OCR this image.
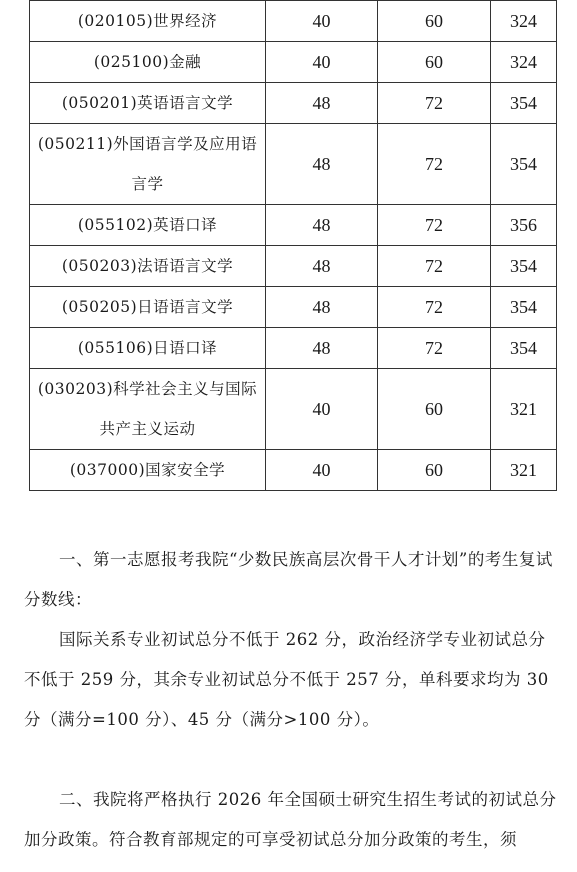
(020105)世界经济	40	60	324
(025100)金融	40	60	324
(050201)英语语言文学	48	72	354

(050211)外国语言学及应用语
言学	48	72	354
(055102)英语口译	48	72	356
(050203)法语语言文学	48	72	354
(050205)日语语言文学	48	72	354
(055106)日语口译	48	72	354

(030203)科学社会主义与国际
共产主义运动	40	60	321
(037000)国家安全学	40	60	321

一、第一志愿报考我院“少数民族高层次骨干人才计划”的考生复试分数线：

国际关系专业初试总分不低于 262 分，政治经济学专业初试总分不低于 259 分，其余专业初试总分不低于 257 分，单科要求均为 30 分（满分=100 分）、45 分（满分>100 分）。

二、我院将严格执行 2026 年全国硕士研究生招生考试的初试总分加分政策。符合教育部规定的可享受初试总分加分政策的考生，须
